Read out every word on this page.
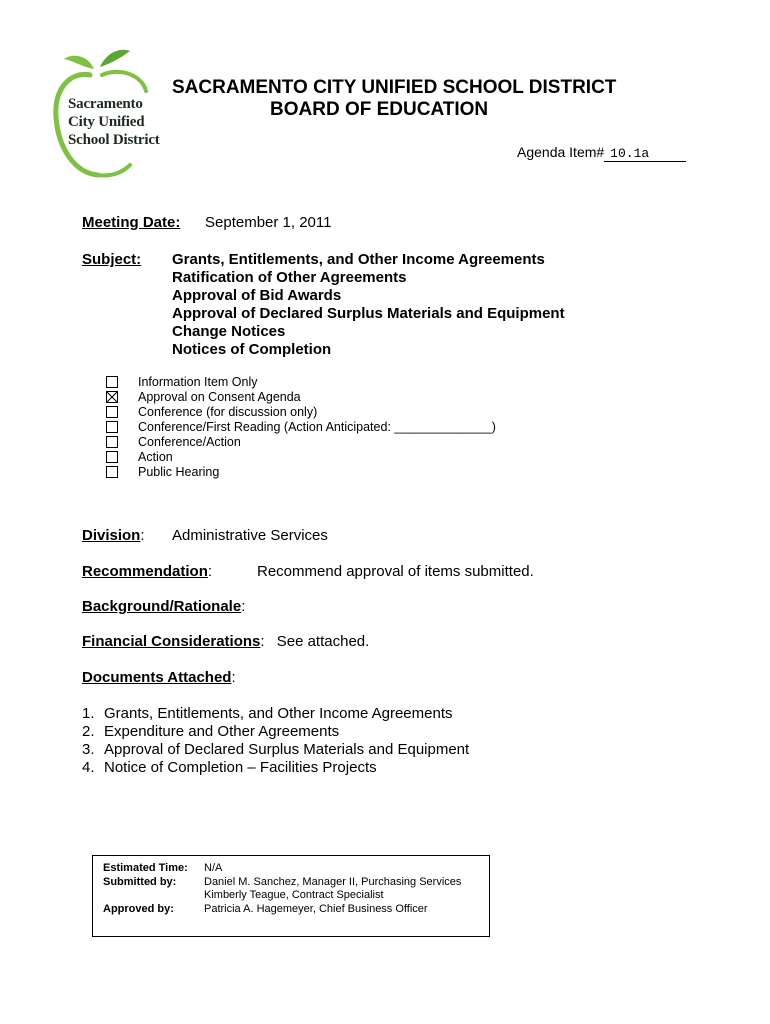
Sacramento
City Unified
School District
SACRAMENTO CITY UNIFIED SCHOOL DISTRICT
BOARD OF EDUCATION
Agenda Item# 10.1a
Meeting Date: September 1, 2011
Subject: Grants, Entitlements, and Other Income Agreements
Ratification of Other Agreements
Approval of Bid Awards
Approval of Declared Surplus Materials and Equipment
Change Notices
Notices of Completion
Information Item Only
Approval on Consent Agenda
Conference (for discussion only)
Conference/First Reading (Action Anticipated: ______________)
Conference/Action
Action
Public Hearing
Division: Administrative Services
Recommendation:	Recommend approval of items submitted.
Background/Rationale:
Financial Considerations: See attached.
Documents Attached:
1. Grants, Entitlements, and Other Income Agreements
2. Expenditure and Other Agreements
3. Approval of Declared Surplus Materials and Equipment
4. Notice of Completion – Facilities Projects
Estimated Time: N/A
Submitted by:	Daniel M. Sanchez, Manager II, Purchasing Services
Kimberly Teague, Contract Specialist
Approved by:	Patricia A. Hagemeyer, Chief Business Officer
